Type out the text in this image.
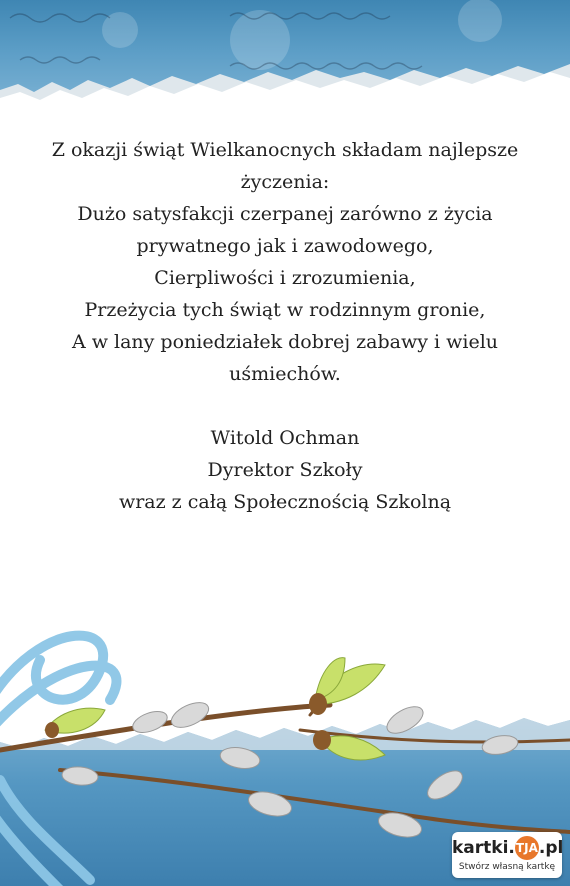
Z okazji świąt Wielkanocnych składam najlepsze

życzenia:

Dużo satysfakcji czerpanej zarówno z życia

prywatnego jak i zawodowego,

Cierpliwości i zrozumienia,

Przeżycia tych świąt w rodzinnym gronie,

A w lany poniedziałek dobrej zabawy i wielu

uśmiechów.

Witold Ochman

Dyrektor Szkoły

wraz z całą Społecznością Szkolną

kartki.TJA.pl
Stwórz własną kartkę
